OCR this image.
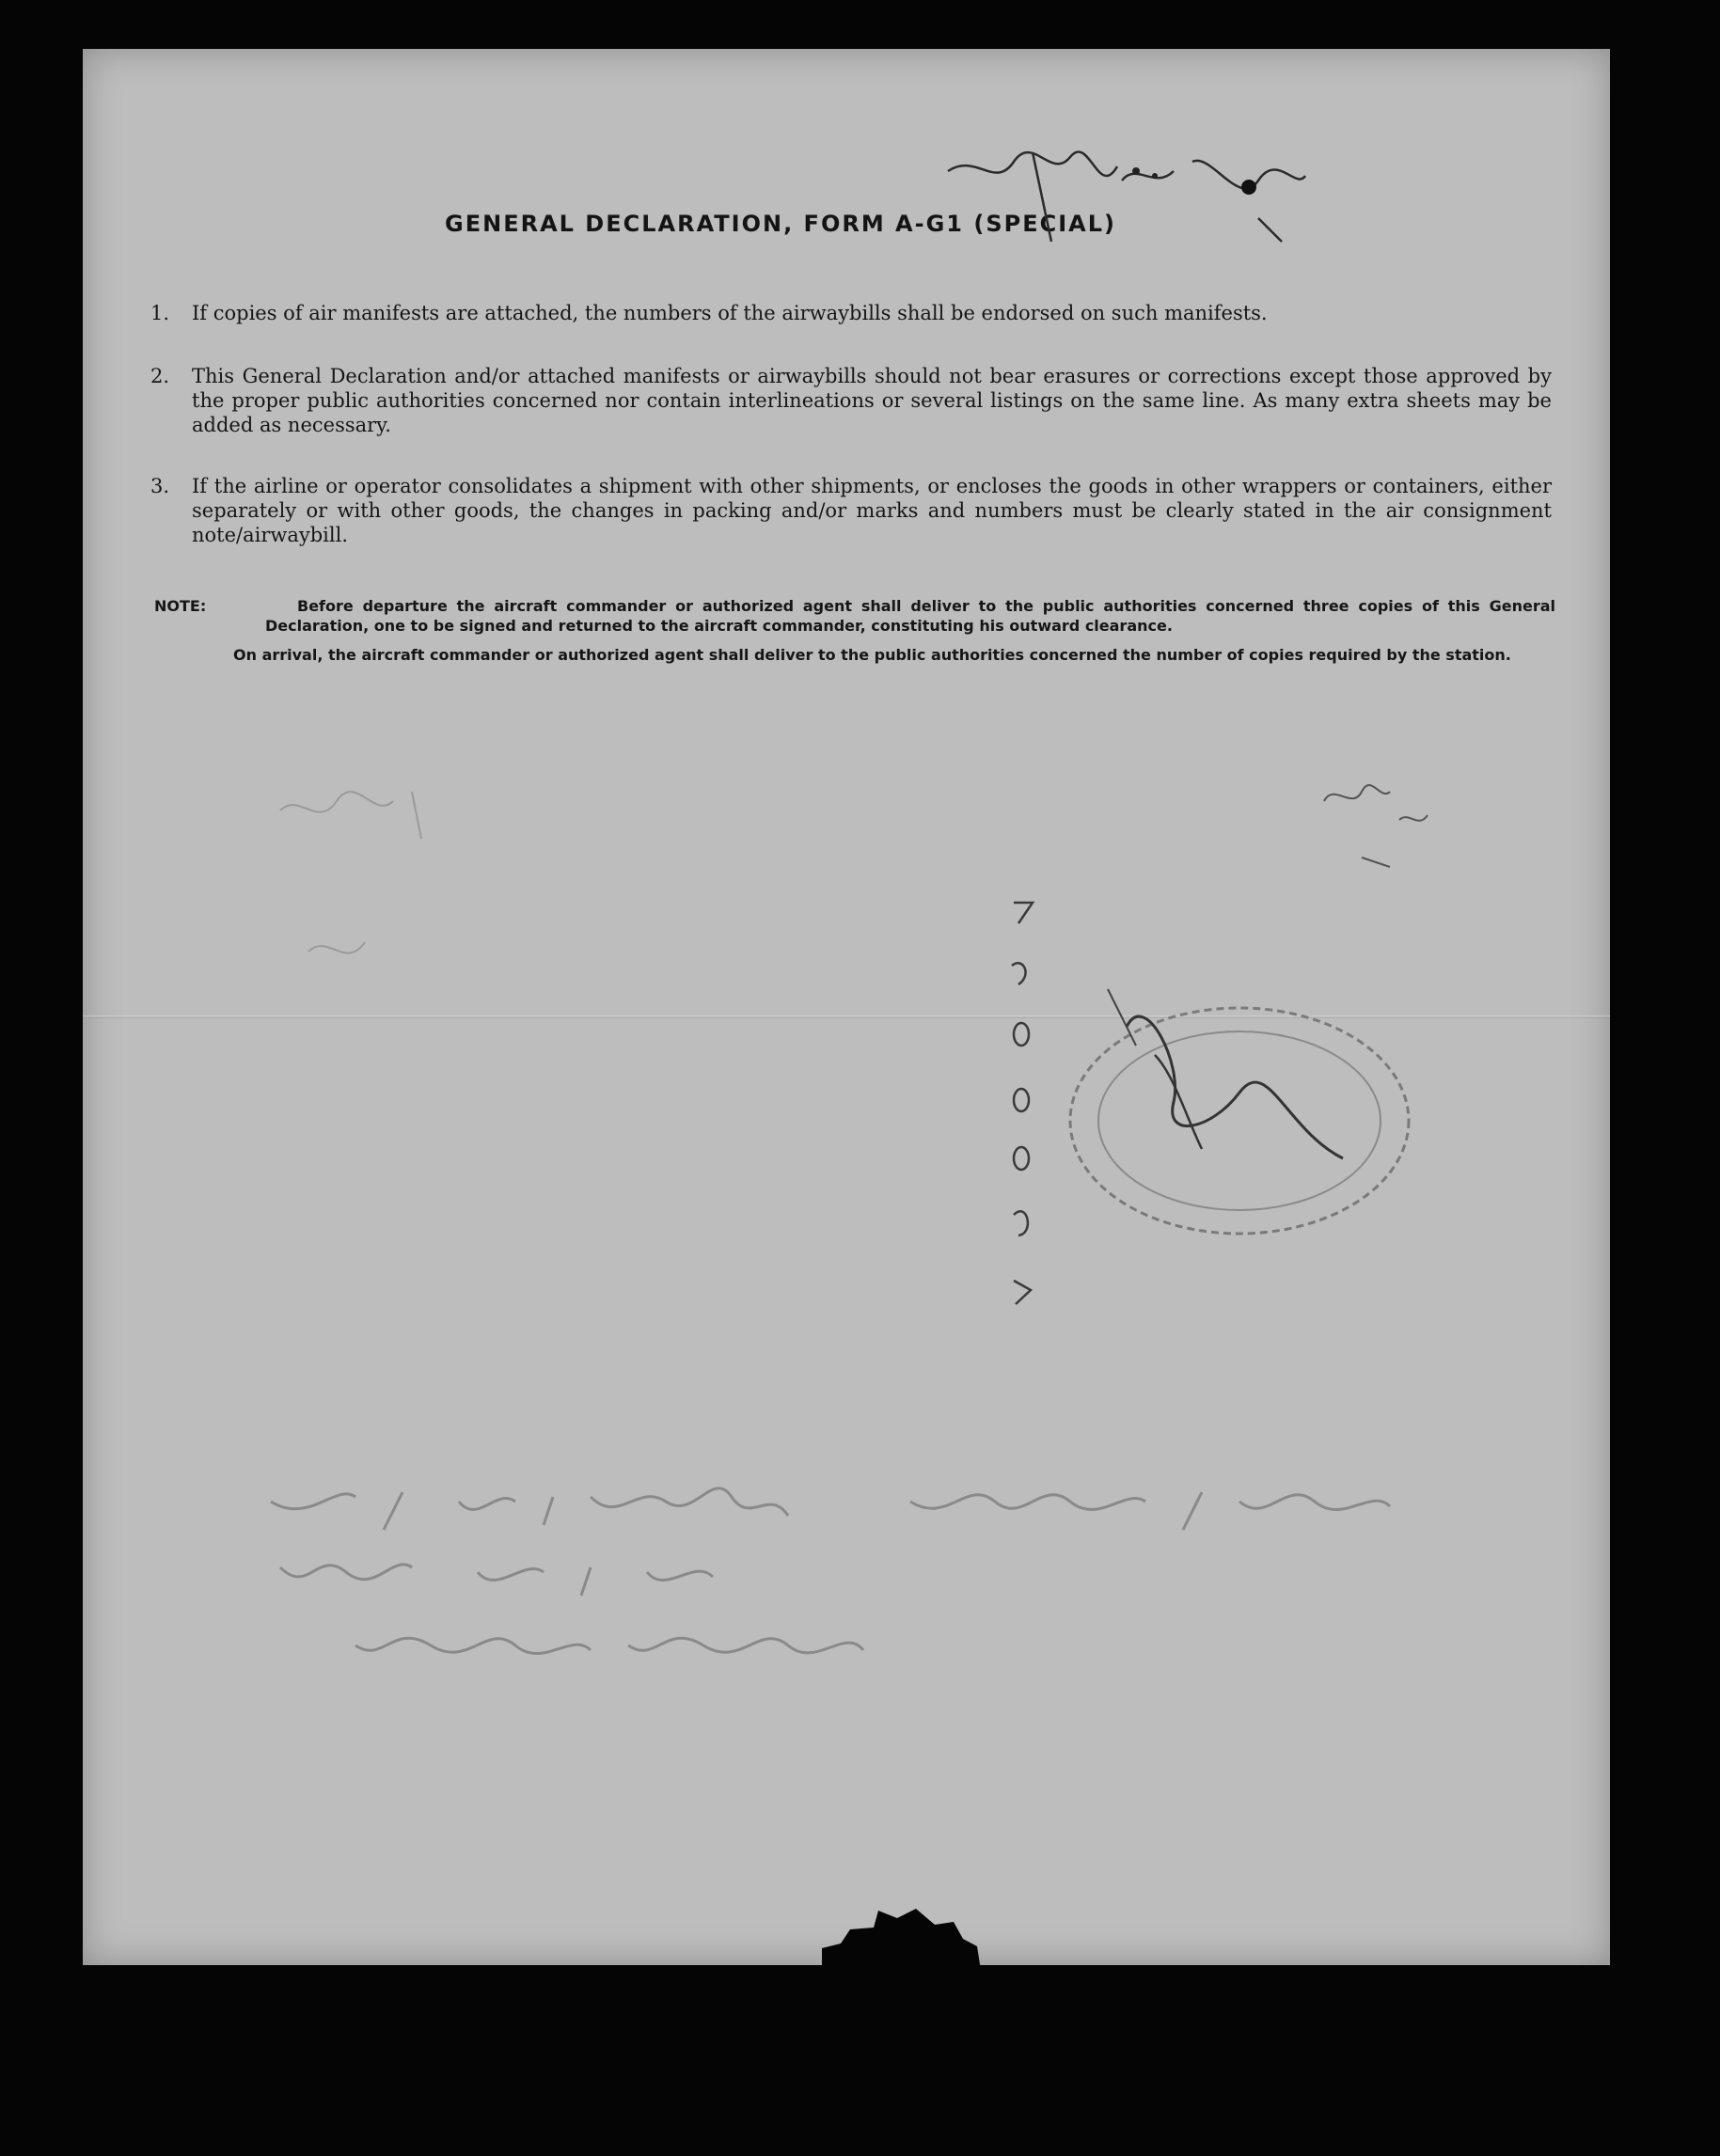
GENERAL DECLARATION, FORM A-G1 (SPECIAL)
1.	If copies of air manifests are attached, the numbers of the airwaybills shall be endorsed on such manifests.
2.	This General Declaration and/or attached manifests or airwaybills should not bear erasures or corrections except those approved by the proper public authorities concerned nor contain interlineations or several listings on the same line. As many extra sheets may be added as necessary.
3.	If the airline or operator consolidates a shipment with other shipments, or encloses the goods in other wrappers or containers, either separately or with other goods, the changes in packing and/or marks and numbers must be clearly stated in the air consignment note/airwaybill.
NOTE:	Before departure the aircraft commander or authorized agent shall deliver to the public authorities concerned three copies of this General Declaration, one to be signed and returned to the aircraft commander, constituting his outward clearance.
On arrival, the aircraft commander or authorized agent shall deliver to the public authorities concerned the number of copies required by the station.
